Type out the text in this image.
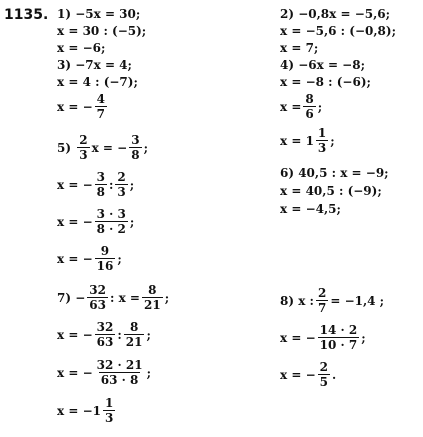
1135. 1) −5x = 30;
x = 30 : (−5);
x = −6;
3) −7x = 4;
x = 4 : (−7);
x = − $\frac{4}{7}$
5)
$\frac{2}{3}$ x = − $\frac{3}{8}$ ;
x = − $\frac{3}{8}$ : $\frac{2}{3}$ ;
x = − $\frac{3 \cdot 3}{8 \cdot 2}$ ;
x = − $\frac{9}{16}$ ;
7)
− $\frac{32}{63}$ : $x = \frac{8}{21}$ ;
x = − $\frac{32}{63}$ : $\frac{8}{21}$ ;
x = − $\frac{32 \cdot 21}{63 \cdot 8}$ ;
$x = -1 \frac{1}{3}$
2) −0,8x = −5,6;
x = −5,6 : (−0,8);
x = 7;
4) −6x = −8;
x = −8 : (−6);
$x = \frac{8}{6}$ ;
$x = 1 \frac{1}{3}$ ;
6) 40,5 : x = −9;
x = 40,5 : (−9);
x = −4,5;
8)
x : $\frac{2}{7} = -1,4$ ;
x = − $\frac{14 \cdot 2}{10 \cdot 7}$ ;
x = − $\frac{2}{5}$ .
